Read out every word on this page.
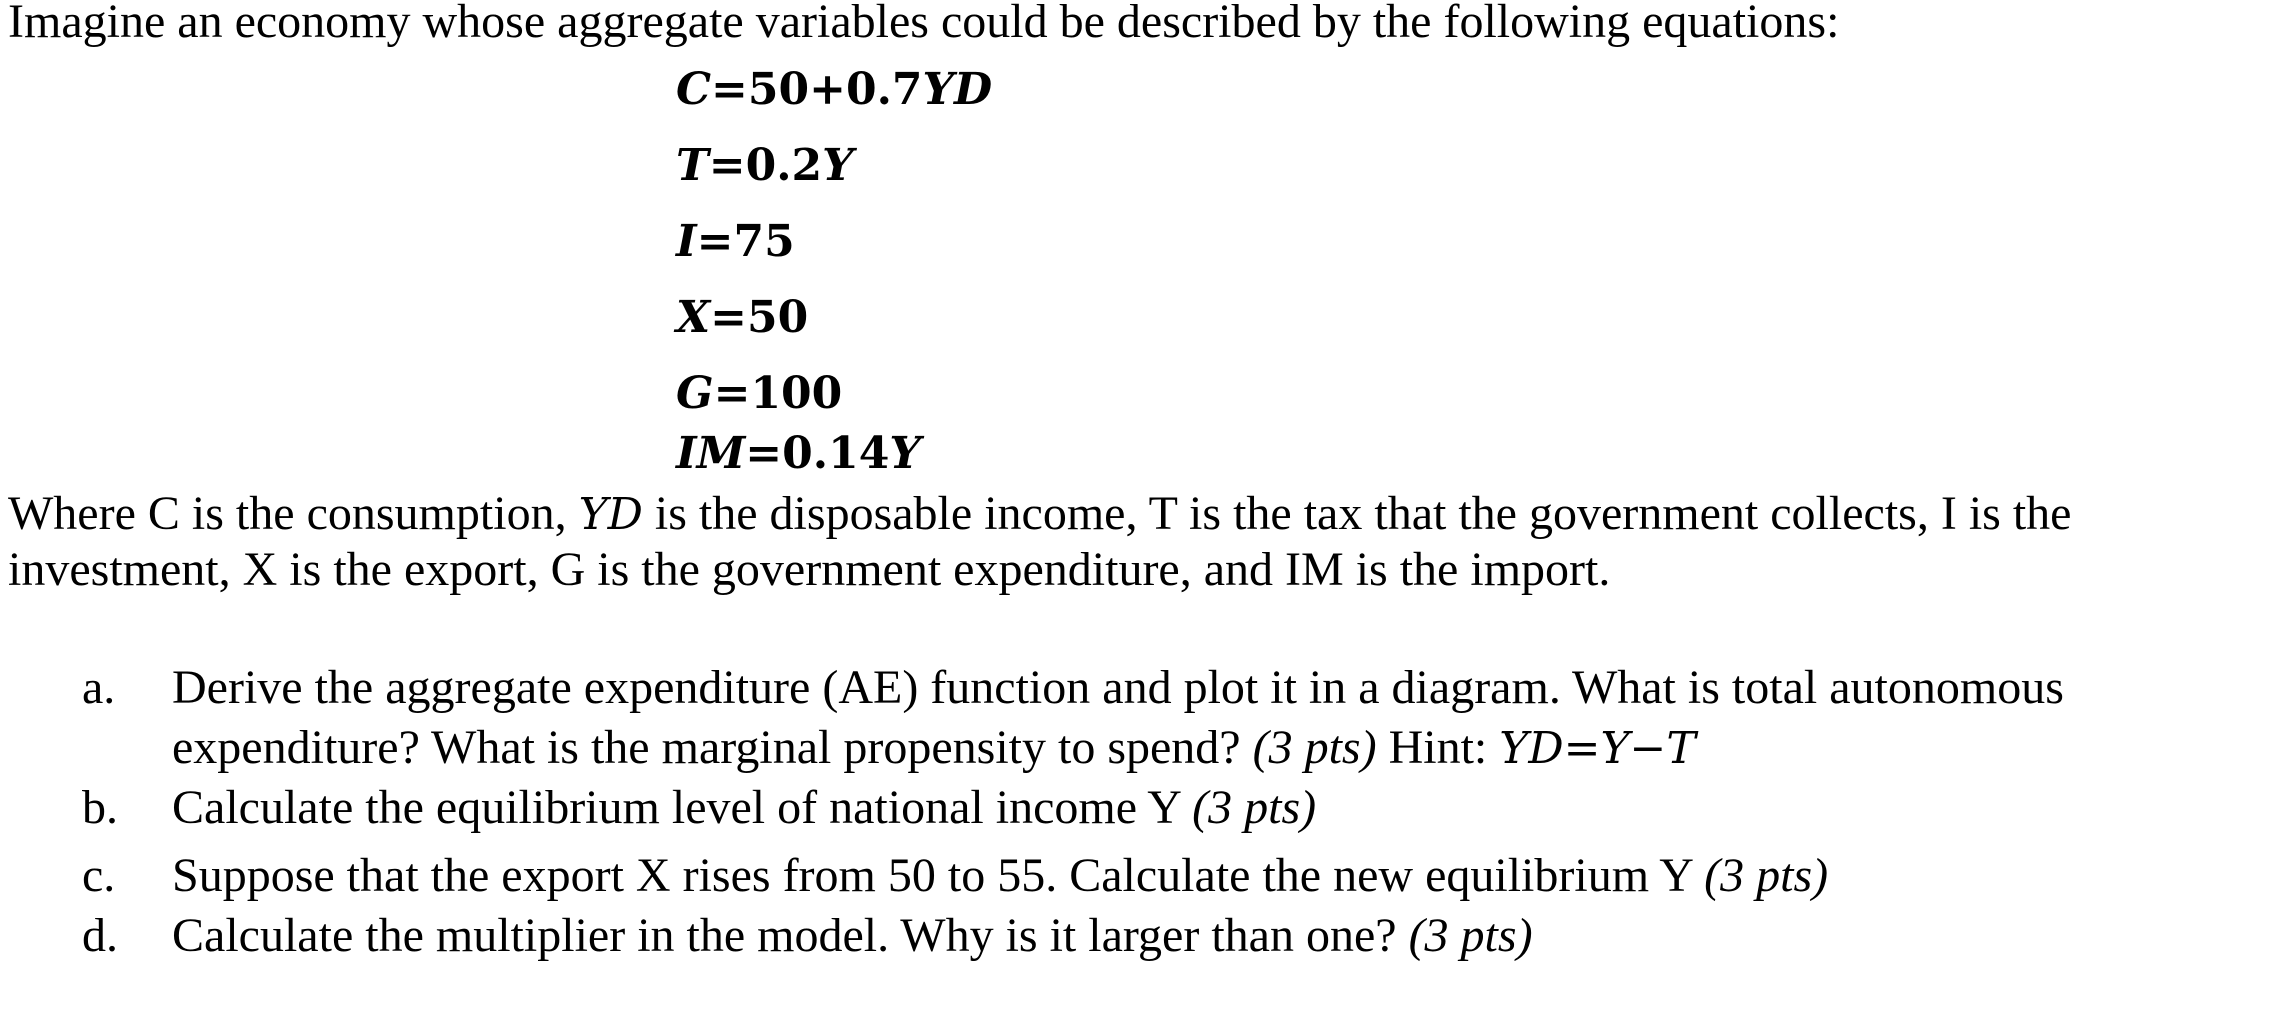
Imagine an economy whose aggregate variables could be described by the following equations:
C=50+0.7YD
T=0.2Y
I=75
X=50
G=100
IM=0.14Y
Where C is the consumption, YD is the disposable income, T is the tax that the government collects, I is the
investment, X is the export, G is the government expenditure, and IM is the import.
a. Derive the aggregate expenditure (AE) function and plot it in a diagram. What is total autonomous
expenditure? What is the marginal propensity to spend? (3 pts) Hint: YD=Y−T
b. Calculate the equilibrium level of national income Y (3 pts)
c. Suppose that the export X rises from 50 to 55. Calculate the new equilibrium Y (3 pts)
d. Calculate the multiplier in the model. Why is it larger than one? (3 pts)
